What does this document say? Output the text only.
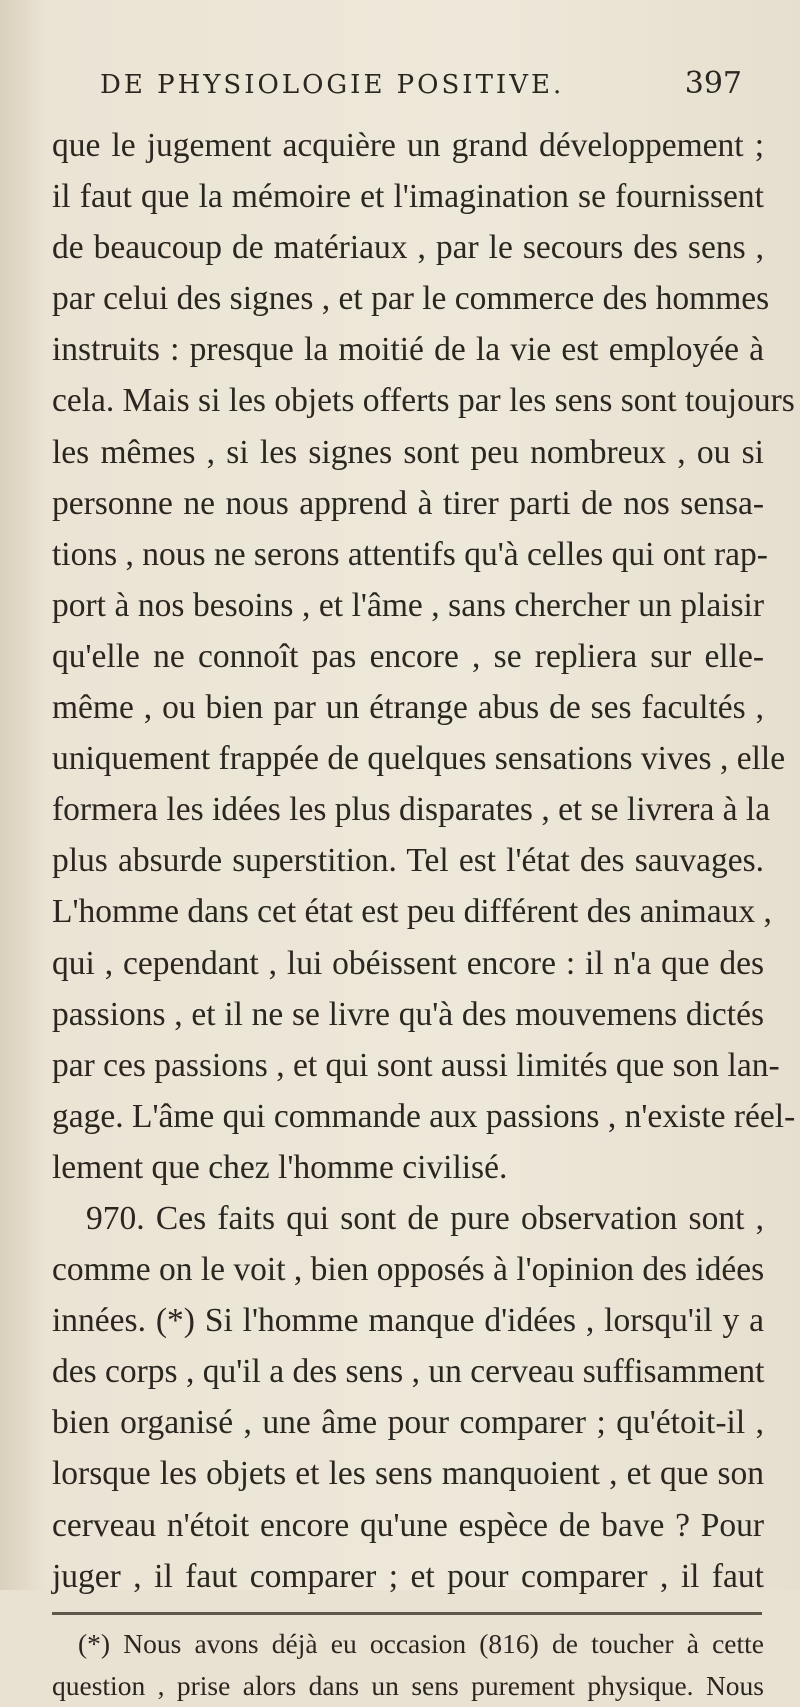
DE PHYSIOLOGIE POSITIVE.	397
que le jugement acquière un grand développement ;
il faut que la mémoire et l'imagination se fournissent
de beaucoup de matériaux , par le secours des sens ,
par celui des signes , et par le commerce des hommes
instruits : presque la moitié de la vie est employée à
cela. Mais si les objets offerts par les sens sont toujours
les mêmes , si les signes sont peu nombreux , ou si
personne ne nous apprend à tirer parti de nos sensa-
tions , nous ne serons attentifs qu'à celles qui ont rap-
port à nos besoins , et l'âme , sans chercher un plaisir
qu'elle ne connoît pas encore , se repliera sur elle-
même , ou bien par un étrange abus de ses facultés ,
uniquement frappée de quelques sensations vives , elle
formera les idées les plus disparates , et se livrera à la
plus absurde superstition. Tel est l'état des sauvages.
L'homme dans cet état est peu différent des animaux ,
qui , cependant , lui obéissent encore : il n'a que des
passions , et il ne se livre qu'à des mouvemens dictés
par ces passions , et qui sont aussi limités que son lan-
gage. L'âme qui commande aux passions , n'existe réel-
lement que chez l'homme civilisé.
970. Ces faits qui sont de pure observation sont ,
comme on le voit , bien opposés à l'opinion des idées
innées. (*) Si l'homme manque d'idées , lorsqu'il y a
des corps , qu'il a des sens , un cerveau suffisamment
bien organisé , une âme pour comparer ; qu'étoit-il ,
lorsque les objets et les sens manquoient , et que son
cerveau n'étoit encore qu'une espèce de bave ? Pour
juger , il faut comparer ; et pour comparer , il faut
(*) Nous avons déjà eu occasion (816) de toucher à cette
question , prise alors dans un sens purement physique. Nous
